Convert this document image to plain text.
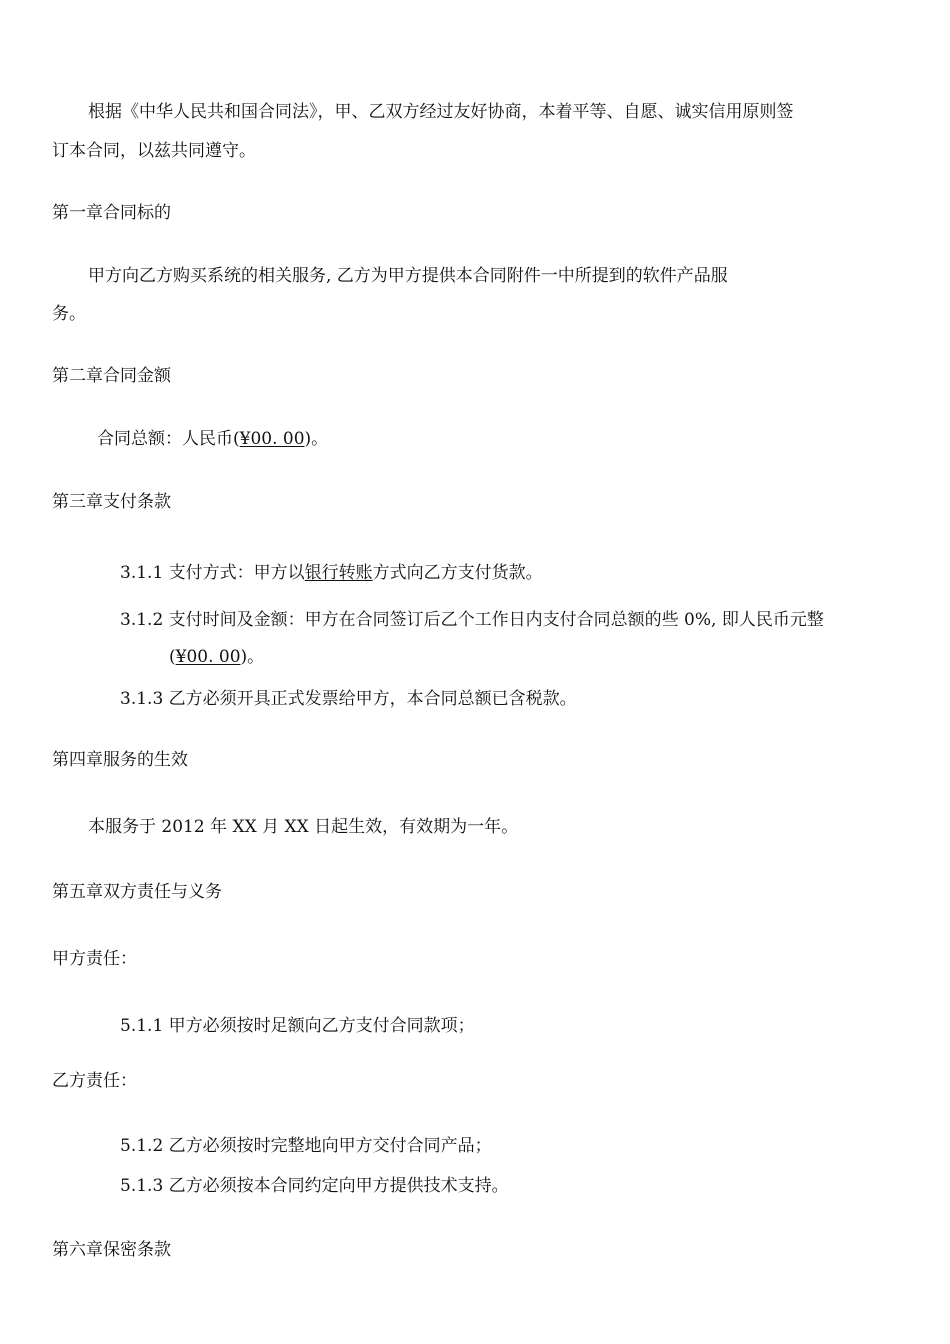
根据《中华人民共和国合同法》，甲、乙双方经过友好协商，本着平等、自愿、诚实信用原则签
订本合同，以兹共同遵守。
第一章合同标的
甲方向乙方购买系统的相关服务, 乙方为甲方提供本合同附件一中所提到的软件产品服
务。
第二章合同金额
合同总额：人民币(¥00. 00)。
第三章支付条款
3.1.1 支付方式：甲方以银行转账方式向乙方支付货款。
3.1.2 支付时间及金额：甲方在合同签订后乙个工作日内支付合同总额的些 0%, 即人民币元整
(¥00. 00)。
3.1.3 乙方必须开具正式发票给甲方，本合同总额已含税款。
第四章服务的生效
本服务于 2012 年 XX 月 XX 日起生效，有效期为一年。
第五章双方责任与义务
甲方责任：
5.1.1 甲方必须按时足额向乙方支付合同款项；
乙方责任：
5.1.2 乙方必须按时完整地向甲方交付合同产品；
5.1.3 乙方必须按本合同约定向甲方提供技术支持。
第六章保密条款
